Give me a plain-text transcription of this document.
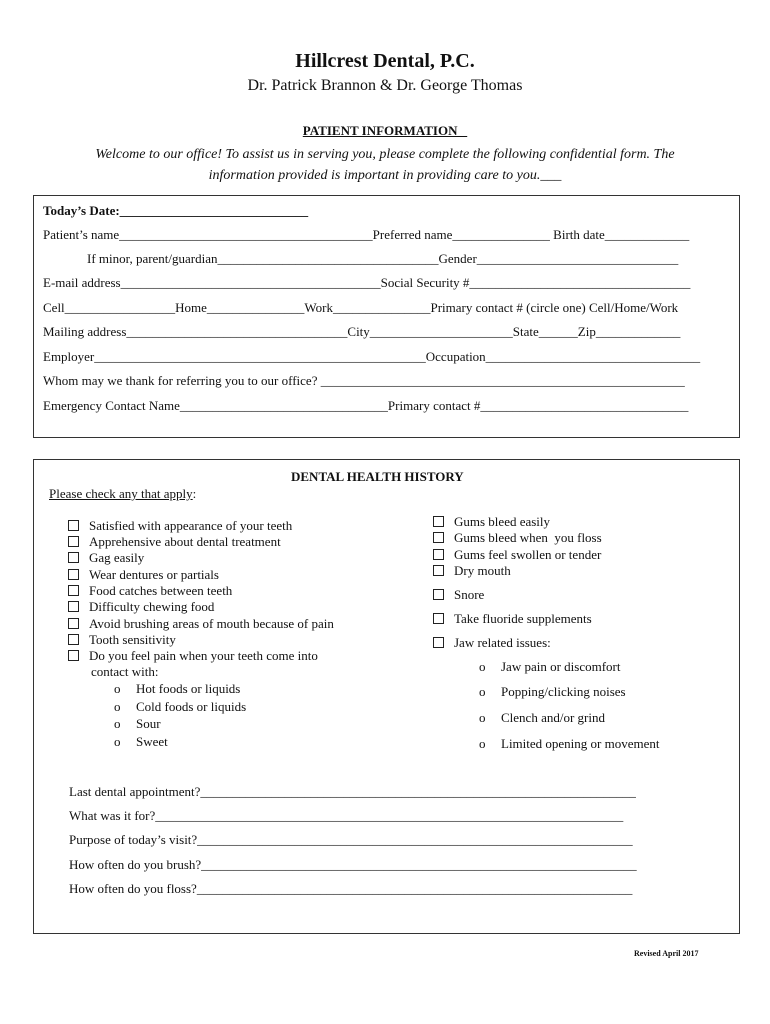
Hillcrest Dental, P.C.
Dr. Patrick Brannon & Dr. George Thomas
PATIENT INFORMATION
Welcome to our office! To assist us in serving you, please complete the following confidential form. The
information provided is important in providing care to you.___
Today’s Date:_____________________________
Patient’s name_______________________________________Preferred name_______________ Birth date_____________
If minor, parent/guardian__________________________________Gender_______________________________
E-mail address________________________________________Social Security #__________________________________
Cell_________________Home_______________Work_______________Primary contact # (circle one) Cell/Home/Work
Mailing address__________________________________City______________________State______Zip_____________
Employer___________________________________________________Occupation_________________________________
Whom may we thank for referring you to our office? ________________________________________________________
Emergency Contact Name________________________________Primary contact #________________________________
DENTAL HEALTH HISTORY
Please check any that apply:
Satisfied with appearance of your teeth
Apprehensive about dental treatment
Gag easily
Wear dentures or partials
Food catches between teeth
Difficulty chewing food
Avoid brushing areas of mouth because of pain
Tooth sensitivity
Do you feel pain when your teeth come into
contact with:
o Hot foods or liquids
o Cold foods or liquids
o Sour
o Sweet
Gums bleed easily
Gums bleed when  you floss
Gums feel swollen or tender
Dry mouth
Snore
Take fluoride supplements
Jaw related issues:
o Jaw pain or discomfort
o Popping/clicking noises
o Clench and/or grind
o Limited opening or movement
Last dental appointment?___________________________________________________________________
What was it for?________________________________________________________________________
Purpose of today’s visit?___________________________________________________________________
How often do you brush?___________________________________________________________________
How often do you floss?___________________________________________________________________
Revised April 2017
